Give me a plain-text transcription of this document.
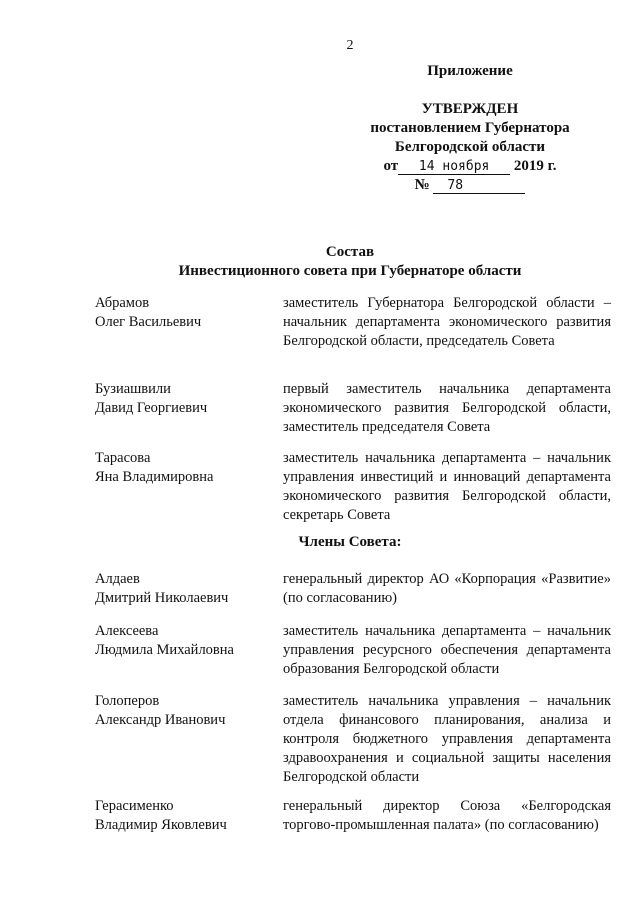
2
Приложение
УТВЕРЖДЕН
постановлением Губернатора
Белгородской области
от 14 ноября 2019 г.
№ 78
Состав
Инвестиционного совета при Губернаторе области
Абрамов
Олег Васильевич
заместитель Губернатора Белгородской области – начальник департамента экономического развития Белгородской области, председатель Совета
Бузиашвили
Давид Георгиевич
первый заместитель начальника департамента экономического развития Белгородской области, заместитель председателя Совета
Тарасова
Яна Владимировна
заместитель начальника департамента – начальник управления инвестиций и инноваций департамента экономического развития Белгородской области, секретарь Совета
Члены Совета:
Алдаев
Дмитрий Николаевич
генеральный директор АО «Корпорация «Развитие» (по согласованию)
Алексеева
Людмила Михайловна
заместитель начальника департамента – начальник управления ресурсного обеспечения департамента образования Белгородской области
Голоперов
Александр Иванович
заместитель начальника управления – начальник отдела финансового планирования, анализа и контроля бюджетного управления департамента здравоохранения и социальной защиты населения Белгородской области
Герасименко
Владимир Яковлевич
генеральный директор Союза «Белгородская торгово-промышленная палата» (по согласованию)
